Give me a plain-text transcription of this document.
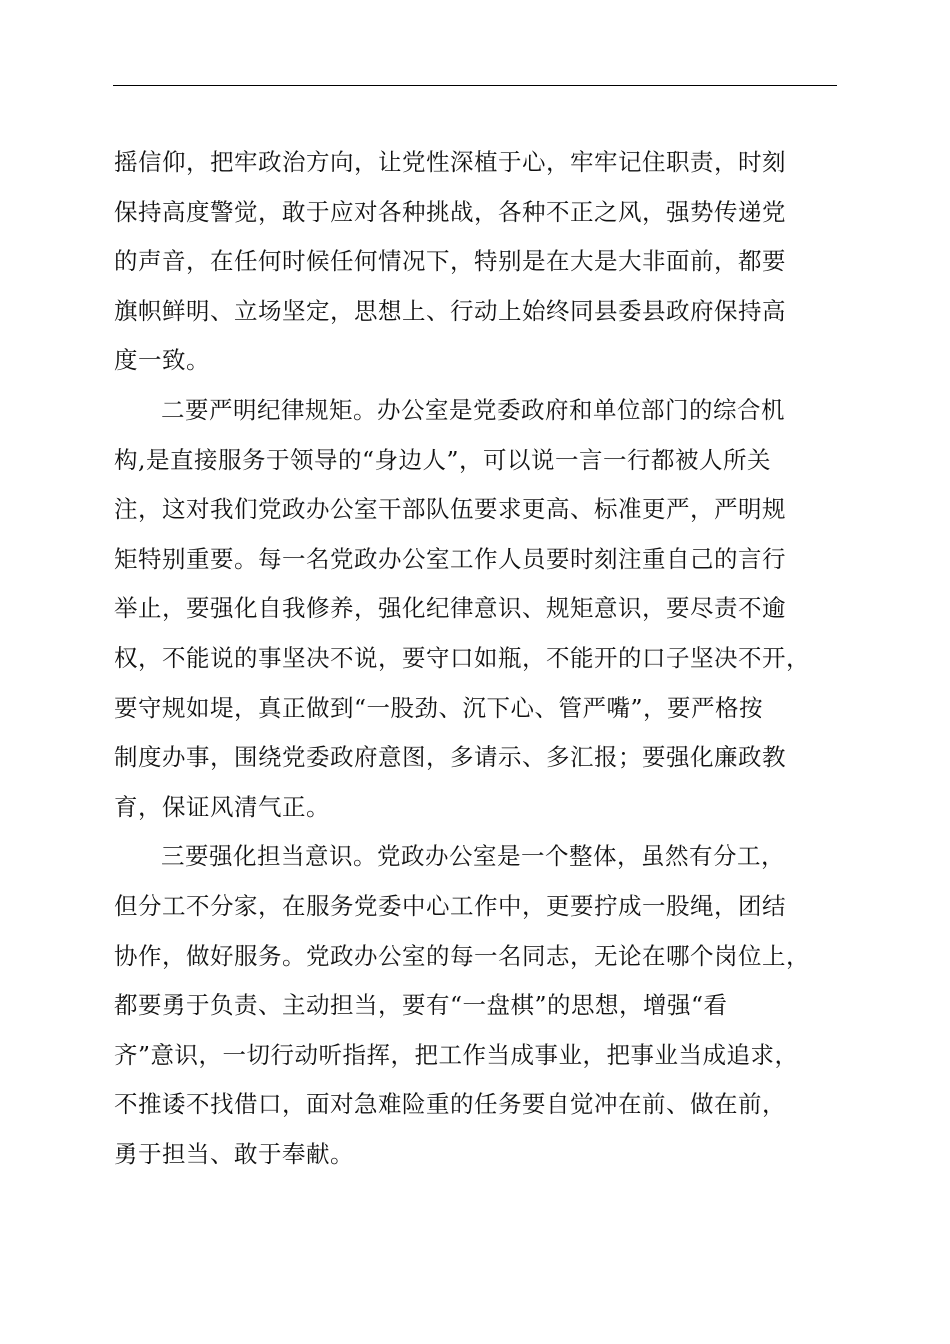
摇信仰，把牢政治方向，让党性深植于心，牢牢记住职责，时刻
保持高度警觉，敢于应对各种挑战，各种不正之风，强势传递党
的声音，在任何时候任何情况下，特别是在大是大非面前，都要
旗帜鲜明、立场坚定，思想上、行动上始终同县委县政府保持高
度一致。
二要严明纪律规矩。办公室是党委政府和单位部门的综合机
构,是直接服务于领导的“身边人”，可以说一言一行都被人所关
注，这对我们党政办公室干部队伍要求更高、标准更严，严明规
矩特别重要。每一名党政办公室工作人员要时刻注重自己的言行
举止，要强化自我修养，强化纪律意识、规矩意识，要尽责不逾
权，不能说的事坚决不说，要守口如瓶，不能开的口子坚决不开，
要守规如堤，真正做到“一股劲、沉下心、管严嘴”，要严格按
制度办事，围绕党委政府意图，多请示、多汇报；要强化廉政教
育，保证风清气正。
三要强化担当意识。党政办公室是一个整体，虽然有分工，
但分工不分家，在服务党委中心工作中，更要拧成一股绳，团结
协作，做好服务。党政办公室的每一名同志，无论在哪个岗位上，
都要勇于负责、主动担当，要有“一盘棋”的思想，增强“看
齐”意识，一切行动听指挥，把工作当成事业，把事业当成追求，
不推诿不找借口，面对急难险重的任务要自觉冲在前、做在前，
勇于担当、敢于奉献。
